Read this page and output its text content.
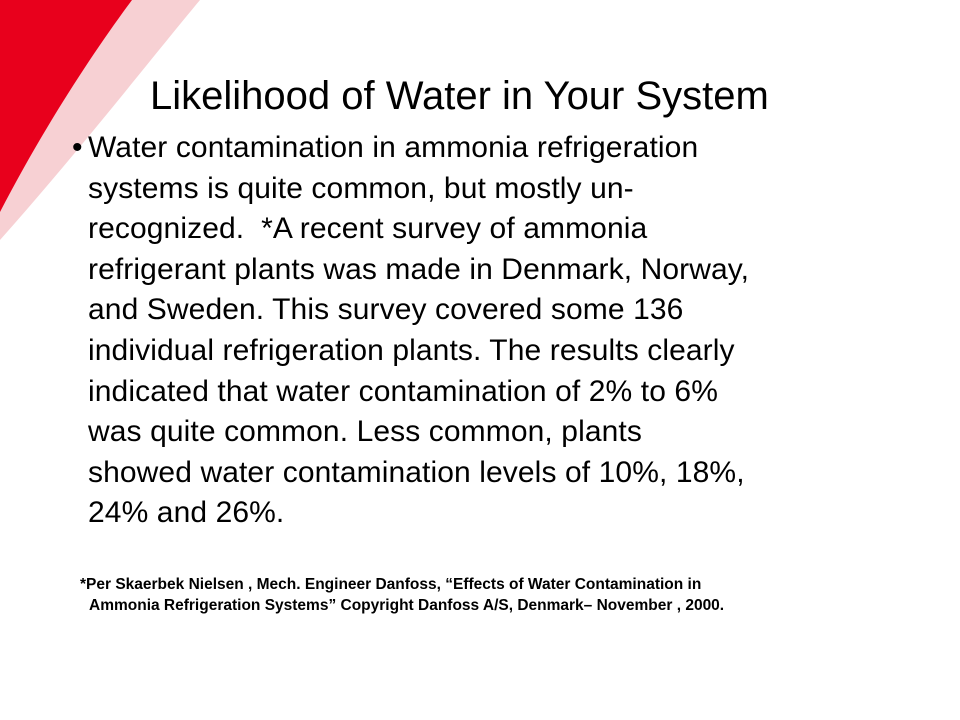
Likelihood of Water in Your System

• Water contamination in ammonia refrigeration
systems is quite common, but mostly un-
recognized.  *A recent survey of ammonia
refrigerant plants was made in Denmark, Norway,
and Sweden. This survey covered some 136
individual refrigeration plants. The results clearly
indicated that water contamination of 2% to 6%
was quite common. Less common, plants
showed water contamination levels of 10%, 18%,
24% and 26%.

*Per Skaerbek Nielsen , Mech. Engineer Danfoss, “Effects of Water Contamination in
Ammonia Refrigeration Systems” Copyright Danfoss A/S, Denmark– November , 2000.
